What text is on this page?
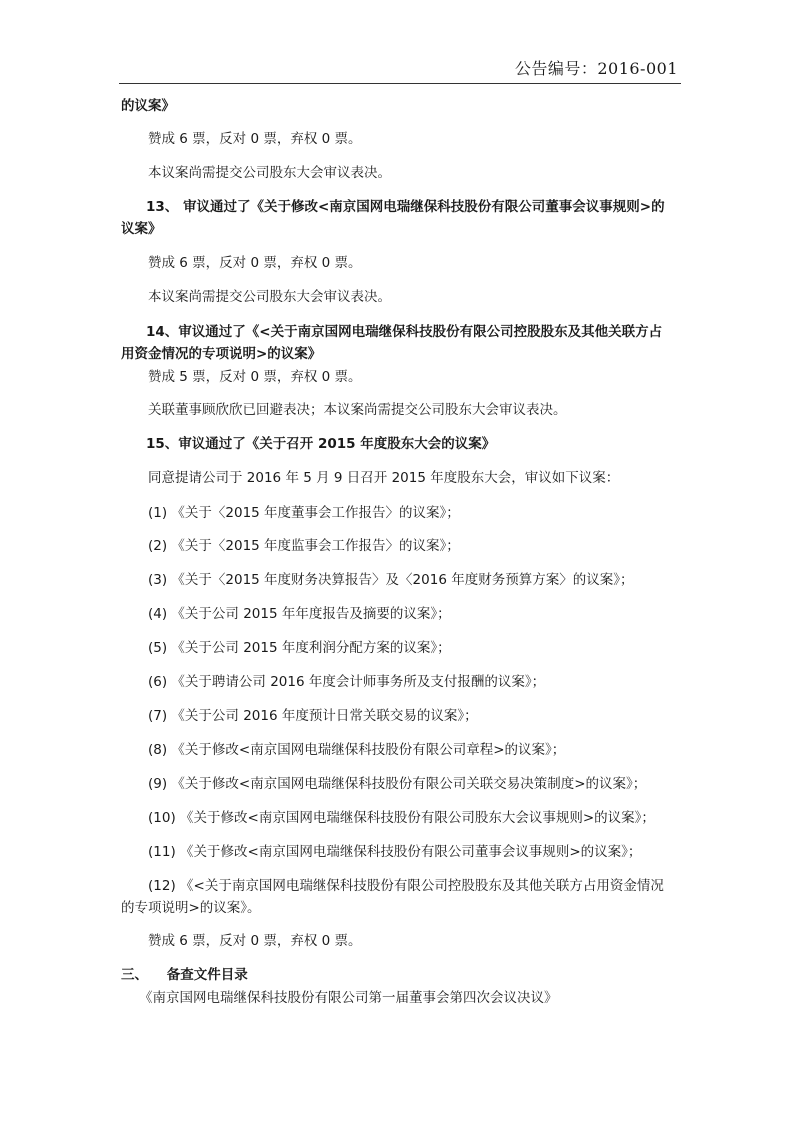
公告编号：2016-001
的议案》
赞成 6 票，反对 0 票，弃权 0 票。
本议案尚需提交公司股东大会审议表决。
13、 审议通过了《关于修改<南京国网电瑞继保科技股份有限公司董事会议事规则>的
议案》
赞成 6 票，反对 0 票，弃权 0 票。
本议案尚需提交公司股东大会审议表决。
14、审议通过了《<关于南京国网电瑞继保科技股份有限公司控股股东及其他关联方占
用资金情况的专项说明>的议案》
赞成 5 票，反对 0 票，弃权 0 票。
关联董事顾欣欣已回避表决；本议案尚需提交公司股东大会审议表决。
15、审议通过了《关于召开 2015 年度股东大会的议案》
同意提请公司于 2016 年 5 月 9 日召开 2015 年度股东大会，审议如下议案：
(1) 《关于〈2015 年度董事会工作报告〉的议案》；
(2) 《关于〈2015 年度监事会工作报告〉的议案》；
(3) 《关于〈2015 年度财务决算报告〉及〈2016 年度财务预算方案〉的议案》；
(4) 《关于公司 2015 年年度报告及摘要的议案》；
(5) 《关于公司 2015 年度利润分配方案的议案》；
(6) 《关于聘请公司 2016 年度会计师事务所及支付报酬的议案》；
(7) 《关于公司 2016 年度预计日常关联交易的议案》；
(8) 《关于修改<南京国网电瑞继保科技股份有限公司章程>的议案》；
(9) 《关于修改<南京国网电瑞继保科技股份有限公司关联交易决策制度>的议案》；
(10) 《关于修改<南京国网电瑞继保科技股份有限公司股东大会议事规则>的议案》；
(11) 《关于修改<南京国网电瑞继保科技股份有限公司董事会议事规则>的议案》；
(12) 《<关于南京国网电瑞继保科技股份有限公司控股股东及其他关联方占用资金情况
的专项说明>的议案》。
赞成 6 票，反对 0 票，弃权 0 票。
三、    备查文件目录
《南京国网电瑞继保科技股份有限公司第一届董事会第四次会议决议》
